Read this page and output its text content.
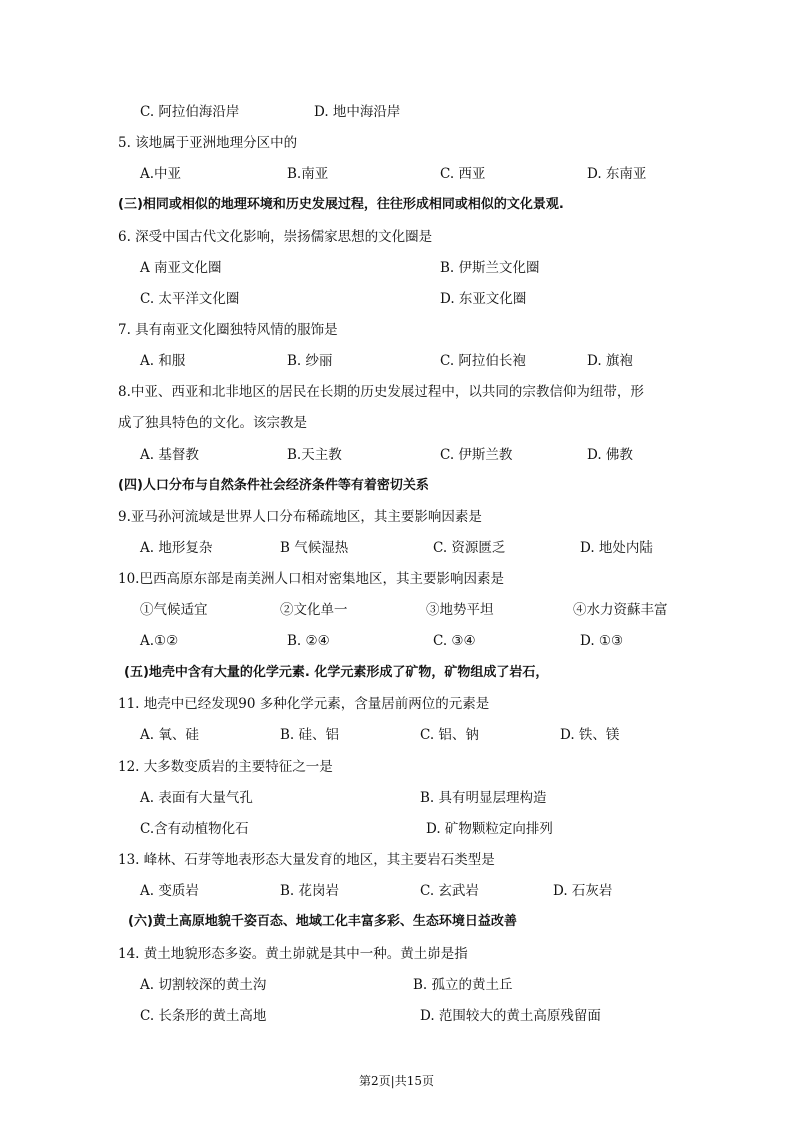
C. 阿拉伯海沿岸	D. 地中海沿岸
5. 该地属于亚洲地理分区中的
A.中亚	B.南亚	C. 西亚	D. 东南亚
(三)相同或相似的地理环境和历史发展过程，往往形成相同或相似的文化景观.
6. 深受中国古代文化影响，崇扬儒家思想的文化圈是
A 南亚文化圈	B. 伊斯兰文化圈
C. 太平洋文化圈	D. 东亚文化圈
7. 具有南亚文化圈独特风情的服饰是
A. 和服	B. 纱丽	C. 阿拉伯长袍	D. 旗袍
8.中亚、西亚和北非地区的居民在长期的历史发展过程中，以共同的宗教信仰为纽带，形
成了独具特色的文化。该宗教是
A. 基督教	B.天主教	C. 伊斯兰教	D. 佛教
(四)人口分布与自然条件社会经济条件等有着密切关系
9.亚马孙河流域是世界人口分布稀疏地区，其主要影响因素是
A. 地形复杂	B 气候湿热	C. 资源匮乏	D. 地处内陆
10.巴西高原东部是南美洲人口相对密集地区，其主要影响因素是
①气候适宜	②文化单一	③地势平坦	④水力资蘇丰富
A.①②	B. ②④	C. ③④	D. ①③
(五)地壳中含有大量的化学元素. 化学元素形成了矿物，矿物组成了岩石，
11. 地壳中已经发现90 多种化学元素，含量居前两位的元素是
A. 氧、硅	B. 硅、铝	C. 铝、钠	D. 铁、镁
12. 大多数变质岩的主要特征之一是
A. 表面有大量气孔	B. 具有明显层理构造
C.含有动植物化石	D. 矿物颗粒定向排列
13. 峰林、石芽等地表形态大量发育的地区，其主要岩石类型是
A. 变质岩	B. 花岗岩	C. 玄武岩	D. 石灰岩
(六)黄土高原地貌千姿百态、地域工化丰富多彩、生态环境日益改善
14. 黄土地貌形态多姿。黄土峁就是其中一种。黄土峁是指
A. 切割较深的黄土沟	B. 孤立的黄土丘
C. 长条形的黄土高地	D. 范围较大的黄土高原残留面
第2页|共15页
